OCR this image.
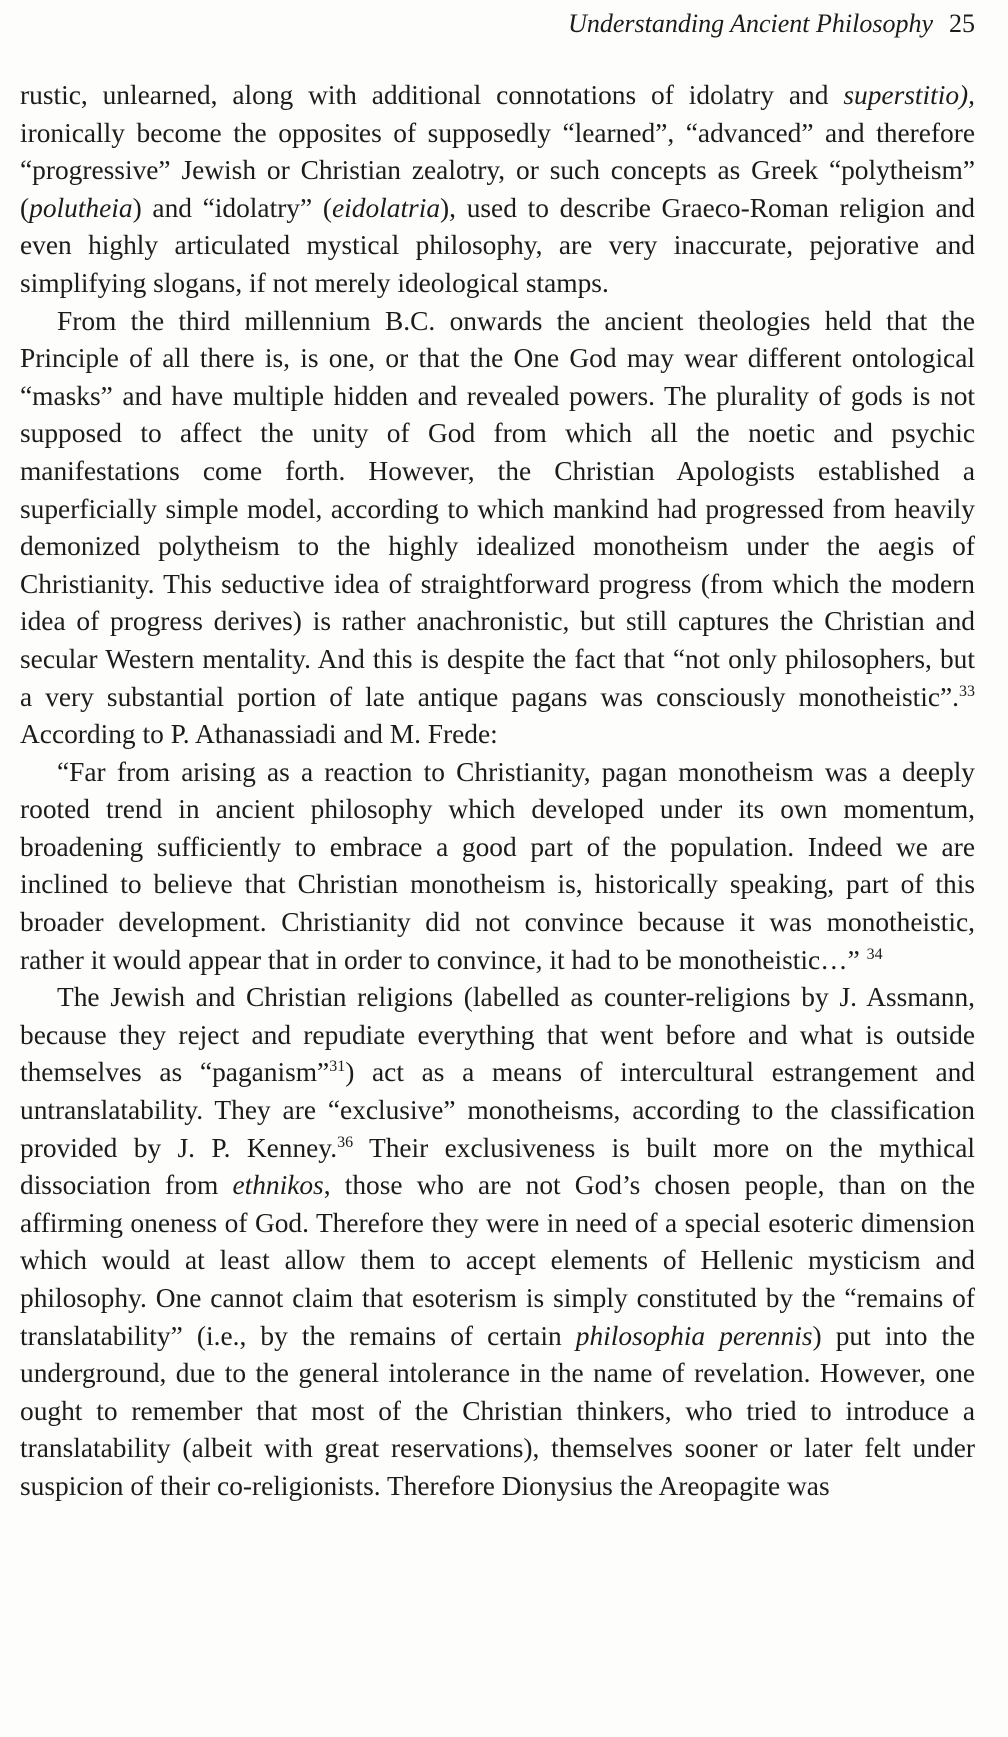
Understanding Ancient Philosophy 25

rustic, unlearned, along with additional connotations of idolatry and superstitio), ironically become the opposites of supposedly “learned”, “advanced” and therefore “progressive” Jewish or Christian zealotry, or such concepts as Greek “polytheism” (polutheia) and “idolatry” (eidolatria), used to describe Graeco-Roman religion and even highly articulated mystical philosophy, are very inaccurate, pejorative and simplifying slogans, if not merely ideological stamps.

From the third millennium B.C. onwards the ancient theologies held that the Principle of all there is, is one, or that the One God may wear different ontological “masks” and have multiple hidden and revealed powers. The plurality of gods is not supposed to affect the unity of God from which all the noetic and psychic manifestations come forth. However, the Christian Apologists established a superficially simple model, according to which mankind had progressed from heavily demonized polytheism to the highly idealized monotheism under the aegis of Christianity. This seductive idea of straightforward progress (from which the modern idea of progress derives) is rather anachronistic, but still captures the Christian and secular Western mentality. And this is despite the fact that “not only philosophers, but a very substantial portion of late antique pagans was consciously monotheistic”.$^{33}$ According to P. Athanassiadi and M. Frede:

“Far from arising as a reaction to Christianity, pagan monotheism was a deeply rooted trend in ancient philosophy which developed under its own momentum, broadening sufficiently to embrace a good part of the population. Indeed we are inclined to believe that Christian monotheism is, historically speaking, part of this broader development. Christianity did not convince because it was monotheistic, rather it would appear that in order to convince, it had to be monotheistic…” $^{34}$

The Jewish and Christian religions (labelled as counter-religions by J. Assmann, because they reject and repudiate everything that went before and what is outside themselves as “paganism”$^{31}$) act as a means of intercultural estrangement and untranslatability. They are “exclusive” monotheisms, according to the classification provided by J. P. Kenney.$^{36}$ Their exclusiveness is built more on the mythical dissociation from ethnikos, those who are not God’s chosen people, than on the affirming oneness of God. Therefore they were in need of a special esoteric dimension which would at least allow them to accept elements of Hellenic mysticism and philosophy. One cannot claim that esoterism is simply constituted by the “remains of translatability” (i.e., by the remains of certain philosophia perennis) put into the underground, due to the general intolerance in the name of revelation. However, one ought to remember that most of the Christian thinkers, who tried to introduce a translatability (albeit with great reservations), themselves sooner or later felt under suspicion of their co-religionists. Therefore Dionysius the Areopagite was
